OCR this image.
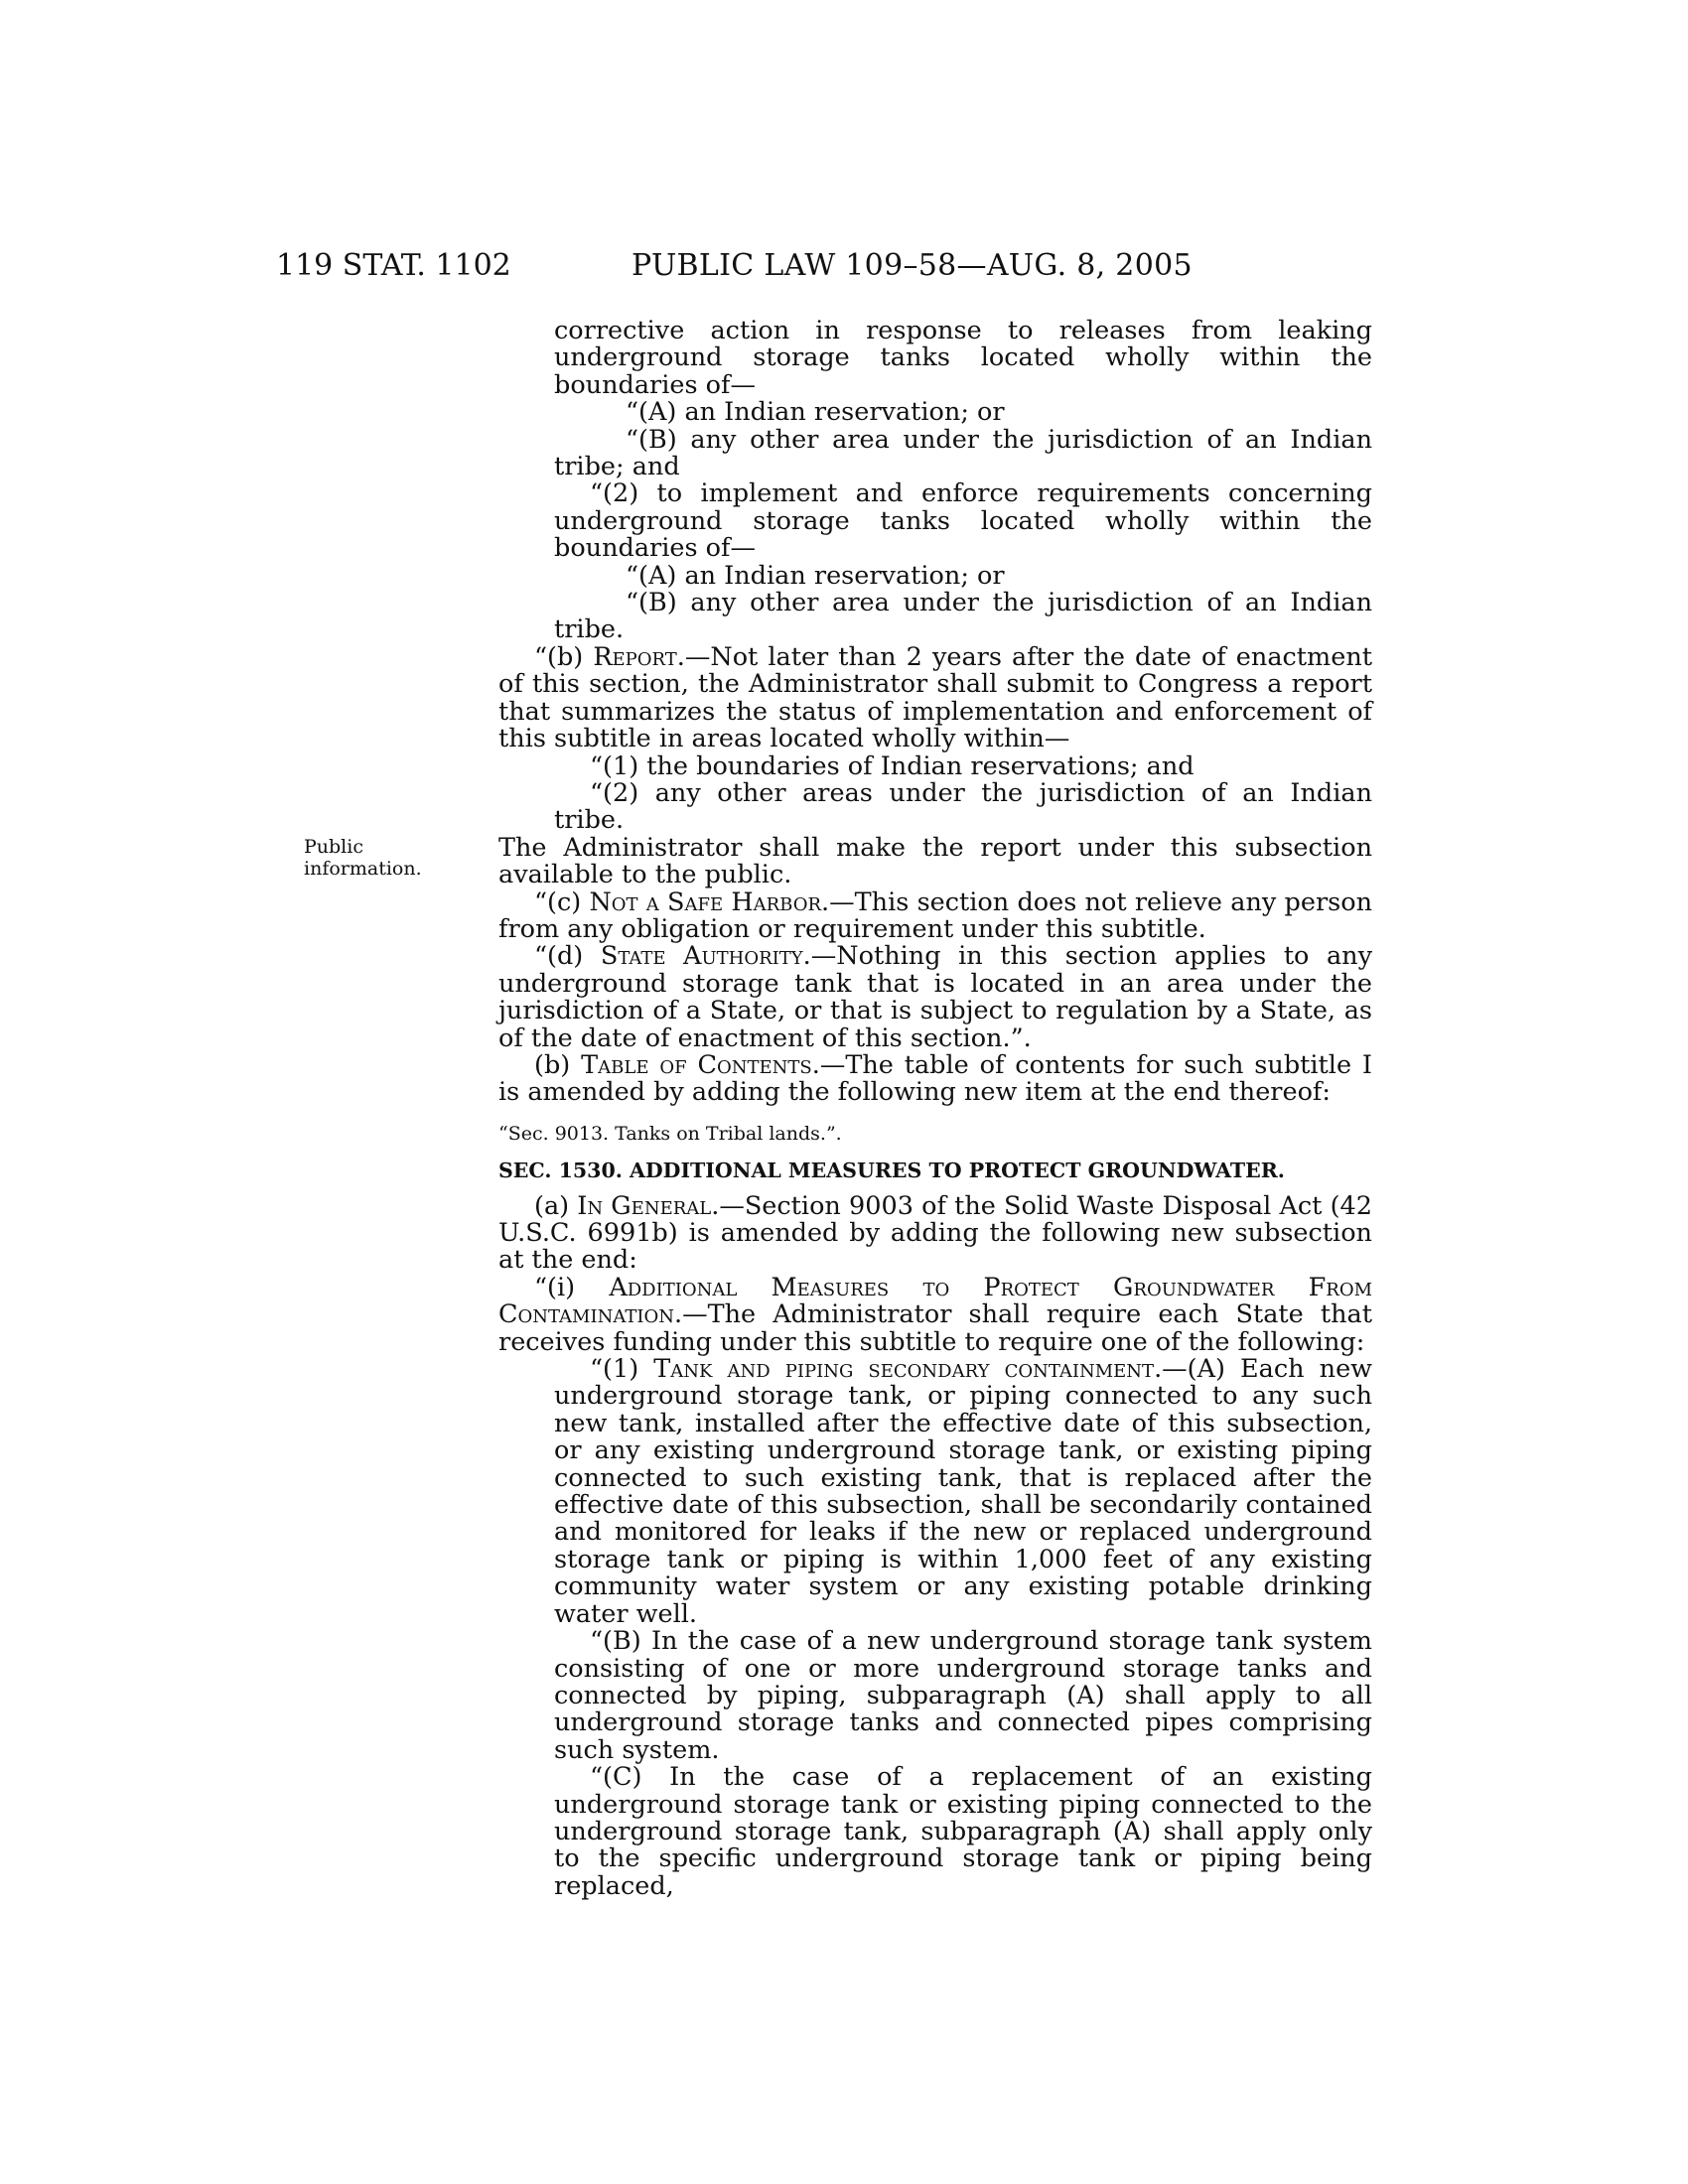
119 STAT. 1102	PUBLIC LAW 109–58—AUG. 8, 2005
Public
information.

corrective action in response to releases from leaking underground storage tanks located wholly within the boundaries of—

“(A) an Indian reservation; or

“(B) any other area under the jurisdiction of an Indian tribe; and

“(2) to implement and enforce requirements concerning underground storage tanks located wholly within the boundaries of—

“(A) an Indian reservation; or

“(B) any other area under the jurisdiction of an Indian tribe.

“(b) Report.—Not later than 2 years after the date of enactment of this section, the Administrator shall submit to Congress a report that summarizes the status of implementation and enforcement of this subtitle in areas located wholly within—

“(1) the boundaries of Indian reservations; and

“(2) any other areas under the jurisdiction of an Indian tribe.

The Administrator shall make the report under this subsection available to the public.

“(c) Not a Safe Harbor.—This section does not relieve any person from any obligation or requirement under this subtitle.

“(d) State Authority.—Nothing in this section applies to any underground storage tank that is located in an area under the jurisdiction of a State, or that is subject to regulation by a State, as of the date of enactment of this section.”.

(b) Table of Contents.—The table of contents for such subtitle I is amended by adding the following new item at the end thereof:

“Sec. 9013. Tanks on Tribal lands.”.

SEC. 1530. ADDITIONAL MEASURES TO PROTECT GROUNDWATER.

(a) In General.—Section 9003 of the Solid Waste Disposal Act (42 U.S.C. 6991b) is amended by adding the following new subsection at the end:

“(i) Additional Measures to Protect Groundwater From Contamination.—The Administrator shall require each State that receives funding under this subtitle to require one of the following:

“(1) Tank and piping secondary containment.—(A) Each new underground storage tank, or piping connected to any such new tank, installed after the effective date of this subsection, or any existing underground storage tank, or existing piping connected to such existing tank, that is replaced after the effective date of this subsection, shall be secondarily contained and monitored for leaks if the new or replaced underground storage tank or piping is within 1,000 feet of any existing community water system or any existing potable drinking water well.

“(B) In the case of a new underground storage tank system consisting of one or more underground storage tanks and connected by piping, subparagraph (A) shall apply to all underground storage tanks and connected pipes comprising such system.

“(C) In the case of a replacement of an existing underground storage tank or existing piping connected to the underground storage tank, subparagraph (A) shall apply only to the specific underground storage tank or piping being replaced,
